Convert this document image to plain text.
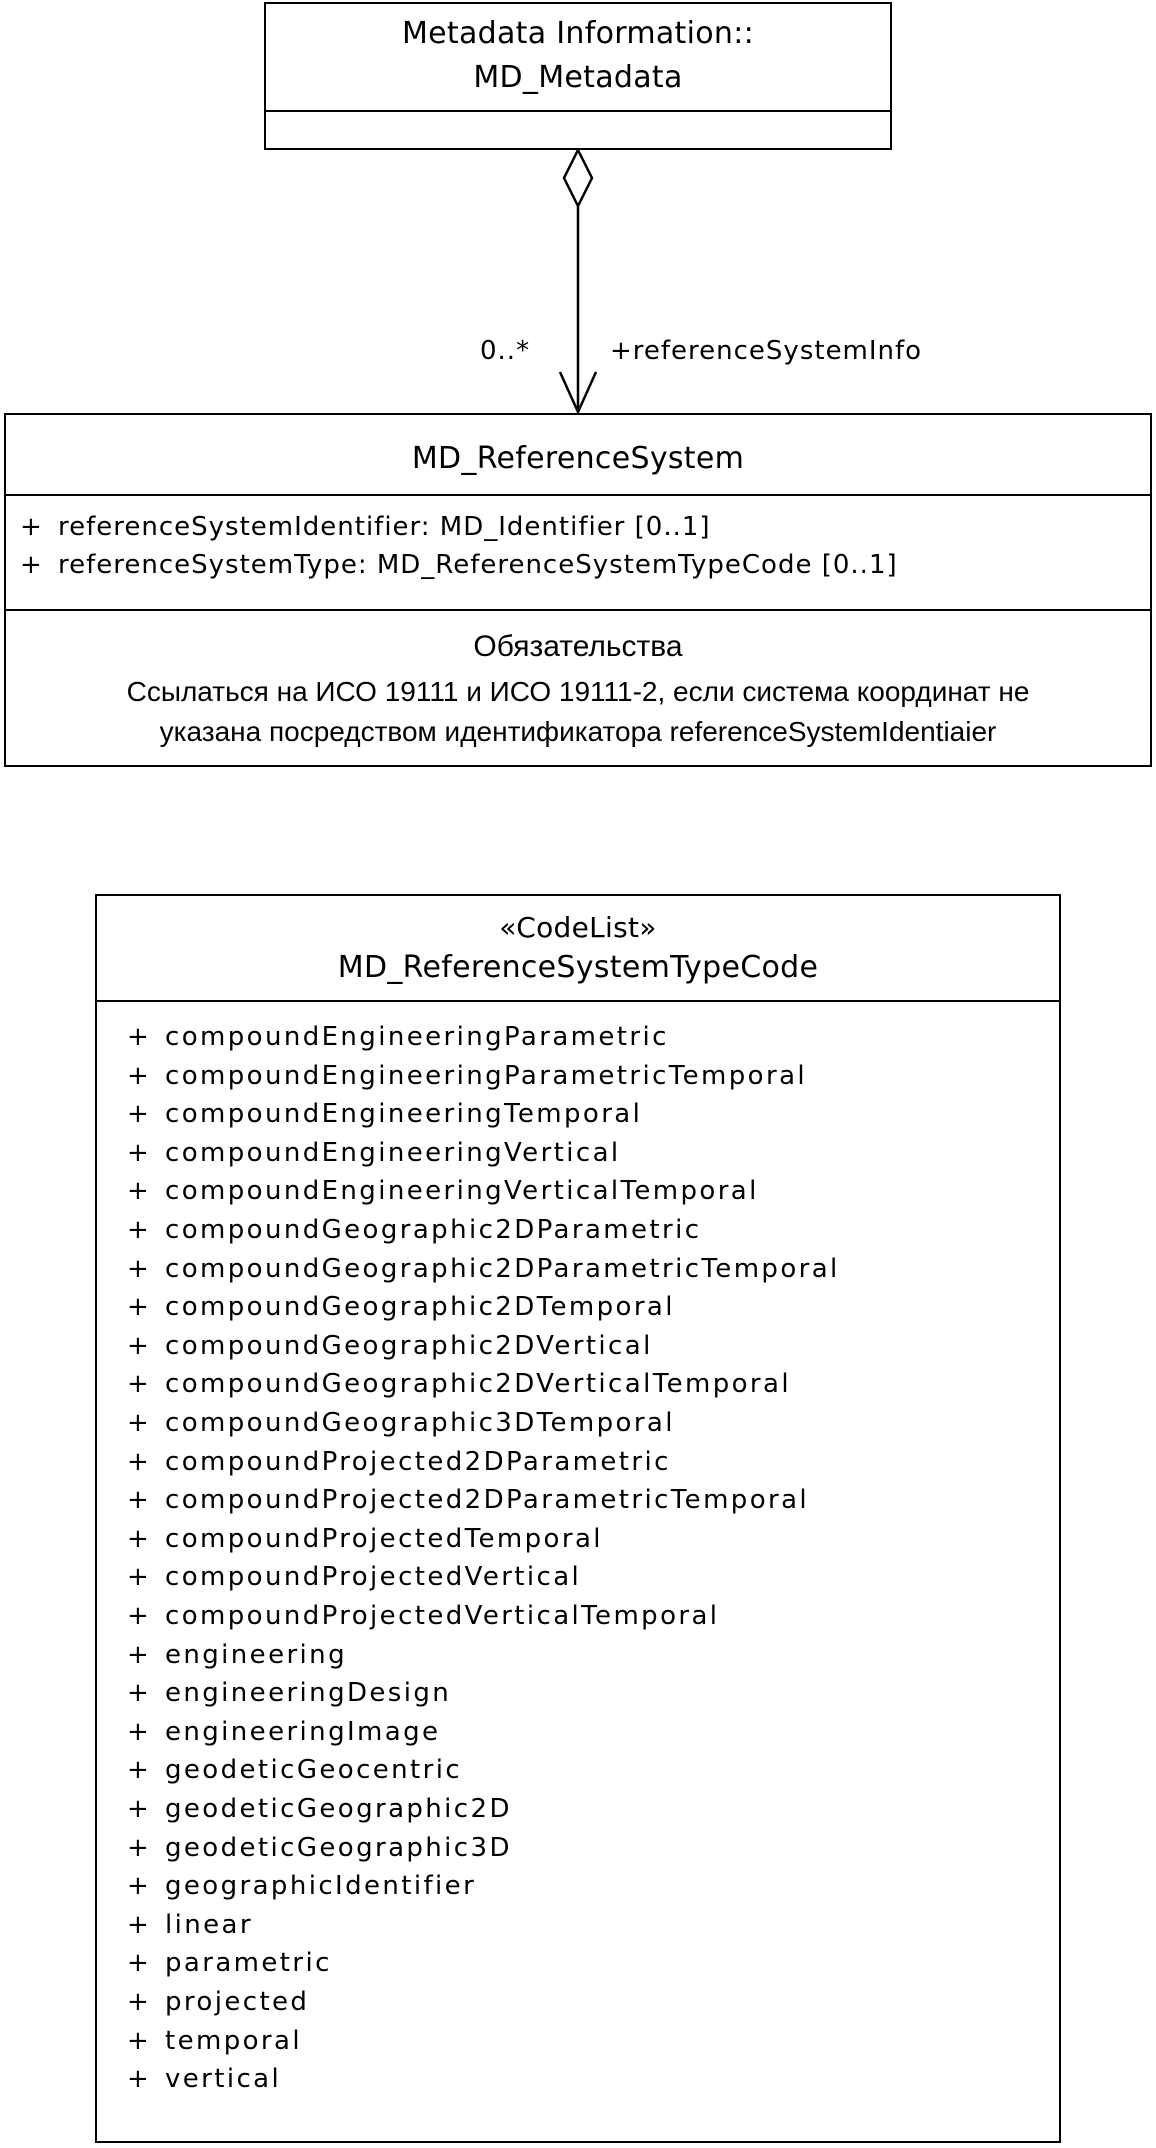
0..*	+referenceSystemInfo
Metadata Information::
MD_Metadata
MD_ReferenceSystem
+ referenceSystemIdentifier: MD_Identifier [0..1]
+ referenceSystemType: MD_ReferenceSystemTypeCode [0..1]
Обязательства
Ссылаться на ИСО 19111 и ИСО 19111-2, если система координат не
указана посредством идентификатора referenceSystemIdentiaier
«CodeList»
MD_ReferenceSystemTypeCode
+ compoundEngineeringParametric
+ compoundEngineeringParametricTemporal
+ compoundEngineeringTemporal
+ compoundEngineeringVertical
+ compoundEngineeringVerticalTemporal
+ compoundGeographic2DParametric
+ compoundGeographic2DParametricTemporal
+ compoundGeographic2DTemporal
+ compoundGeographic2DVertical
+ compoundGeographic2DVerticalTemporal
+ compoundGeographic3DTemporal
+ compoundProjected2DParametric
+ compoundProjected2DParametricTemporal
+ compoundProjectedTemporal
+ compoundProjectedVertical
+ compoundProjectedVerticalTemporal
+ engineering
+ engineeringDesign
+ engineeringImage
+ geodeticGeocentric
+ geodeticGeographic2D
+ geodeticGeographic3D
+ geographicIdentifier
+ linear
+ parametric
+ projected
+ temporal
+ vertical
